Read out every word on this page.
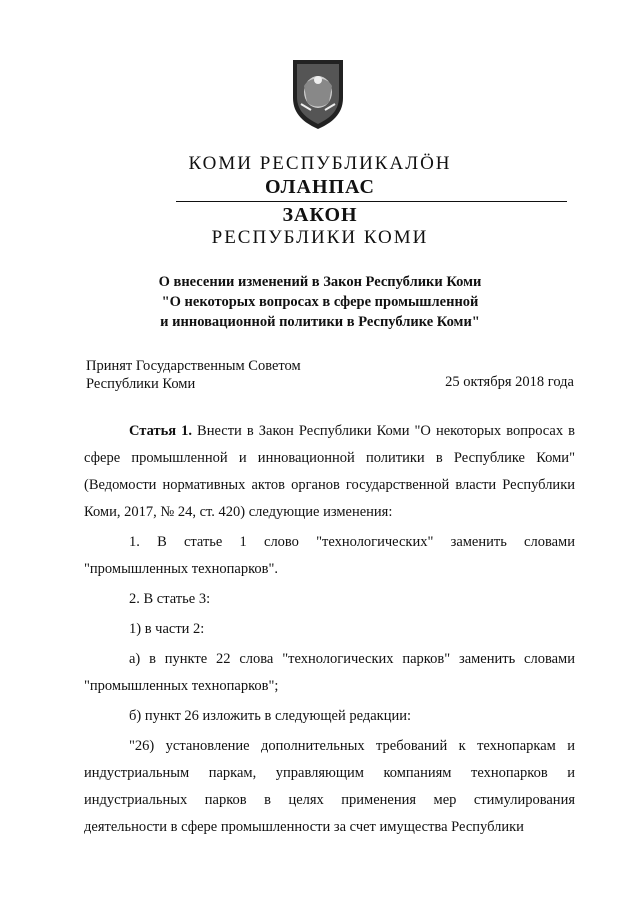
КОМИ РЕСПУБЛИКАЛÖН
ОЛАНПАС
ЗАКОН
РЕСПУБЛИКИ КОМИ
О внесении изменений в Закон Республики Коми
"О некоторых вопросах в сфере промышленной
и инновационной политики в Республике Коми"
Принят Государственным Советом
Республики Коми	25 октября 2018 года

Статья 1. Внести в Закон Республики Коми "О некоторых вопросах в сфере промышленной и инновационной политики в Республике Коми" (Ведомости нормативных актов органов государственной власти Республики Коми, 2017, № 24, ст. 420) следующие изменения:

1. В статье 1 слово "технологических" заменить словами "промышленных технопарков".

2. В статье 3:

1) в части 2:

а) в пункте 22 слова "технологических парков" заменить словами "промышленных технопарков";

б) пункт 26 изложить в следующей редакции:

"26) установление дополнительных требований к технопаркам и индустриальным паркам, управляющим компаниям технопарков и индустриальных парков в целях применения мер стимулирования деятельности в сфере промышленности за счет имущества Республики
